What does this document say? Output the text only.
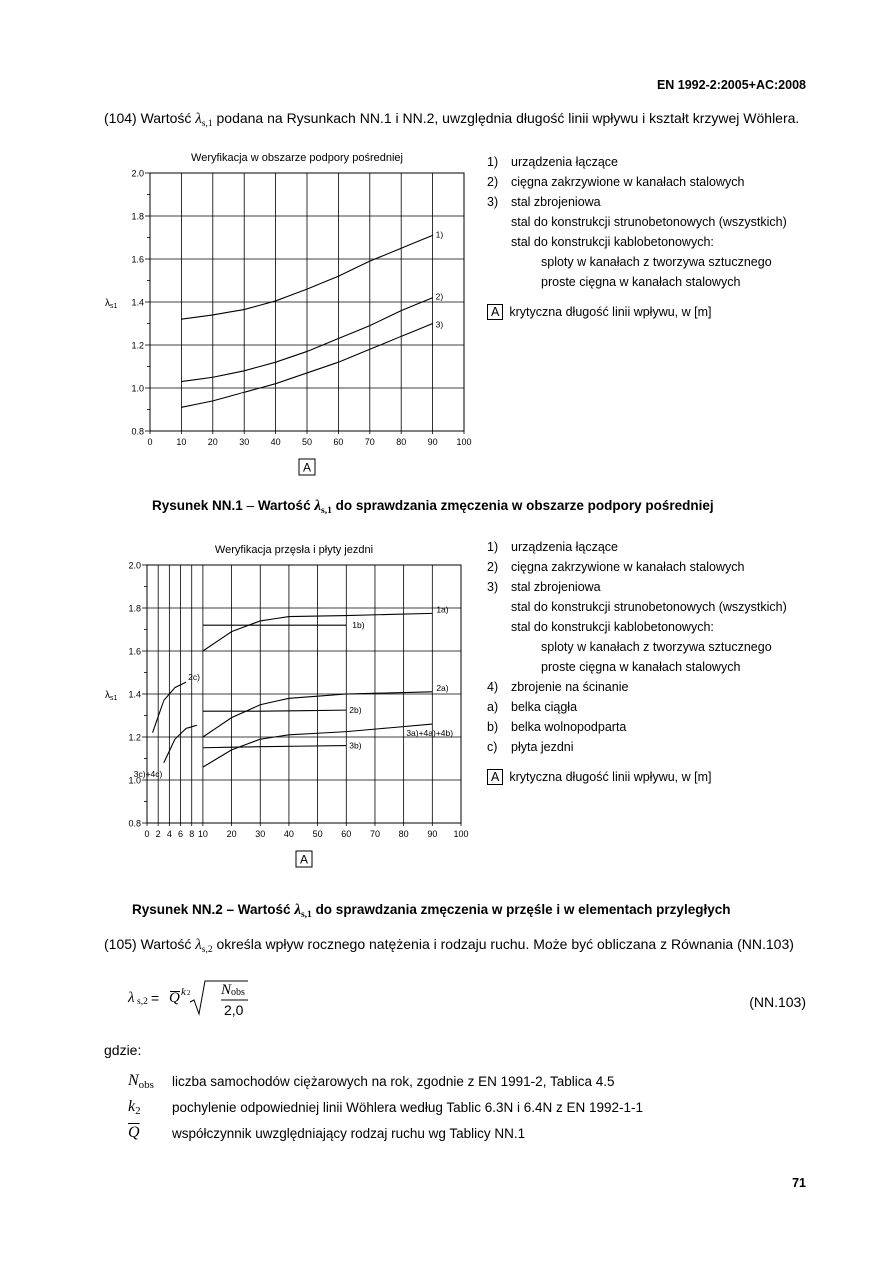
EN 1992-2:2005+AC:2008
(104) Wartość $\lambda_{s,1}$ podana na Rysunkach NN.1 i NN.2, uwzględnia długość linii wpływu i kształt krzywej Wöhlera.
Weryfikacja w obszarze podpory pośredniej
0.8
1.0
1.2
1.4
1.6
1.8
2.0
0	10 20 30 40 50 60 70 80 90 100
$\lambda_{s1}$
A
1)
2)
3)
1)	urządzenia łączące
2)	cięgna zakrzywione w kanałach stalowych
3)	stal zbrojeniowa
stal do konstrukcji strunobetonowych (wszystkich)
stal do konstrukcji kablobetonowych:
sploty w kanałach z tworzywa sztucznego
proste cięgna w kanałach stalowych
A krytyczna długość linii wpływu, w [m]
Rysunek NN.1 – Wartość $\lambda_{s,1}$ do sprawdzania zmęczenia w obszarze podpory pośredniej
Weryfikacja przęsła i płyty jezdni
0.8
1.0
1.2
1.4
1.6
1.8
2.0
0 2 4 6 8 10 20 30 40 50 60 70 80 90 100
$\lambda_{s1}$
A
1a)
1b)
2a)
2b)
2c)
3a)+4a)+4b)
3b)
3c)+4c)
1)	urządzenia łączące
2)	cięgna zakrzywione w kanałach stalowych
3)	stal zbrojeniowa
stal do konstrukcji strunobetonowych (wszystkich)
stal do konstrukcji kablobetonowych:
sploty w kanałach z tworzywa sztucznego
proste cięgna w kanałach stalowych
4)	zbrojenie na ścinanie
a)	belka ciągła
b)	belka wolnopodparta
c)	płyta jezdni
A krytyczna długość linii wpływu, w [m]
Rysunek NN.2 – Wartość $\lambda_{s,1}$ do sprawdzania zmęczenia w przęśle i w elementach przyległych
(105) Wartość $\lambda_{s,2}$ określa wpływ rocznego natężenia i rodzaju ruchu. Może być obliczana z Równania (NN.103)
λ s,2 = Q k 2 N obs
2,0	(NN.103)
gdzie:
$N_{obs}$	liczba samochodów ciężarowych na rok, zgodnie z EN 1991-2, Tablica 4.5
$k_2$	pochylenie odpowiedniej linii Wöhlera według Tablic 6.3N i 6.4N z EN 1992-1-1
$\overline{Q}$	współczynnik uwzględniający rodzaj ruchu wg Tablicy NN.1
71
